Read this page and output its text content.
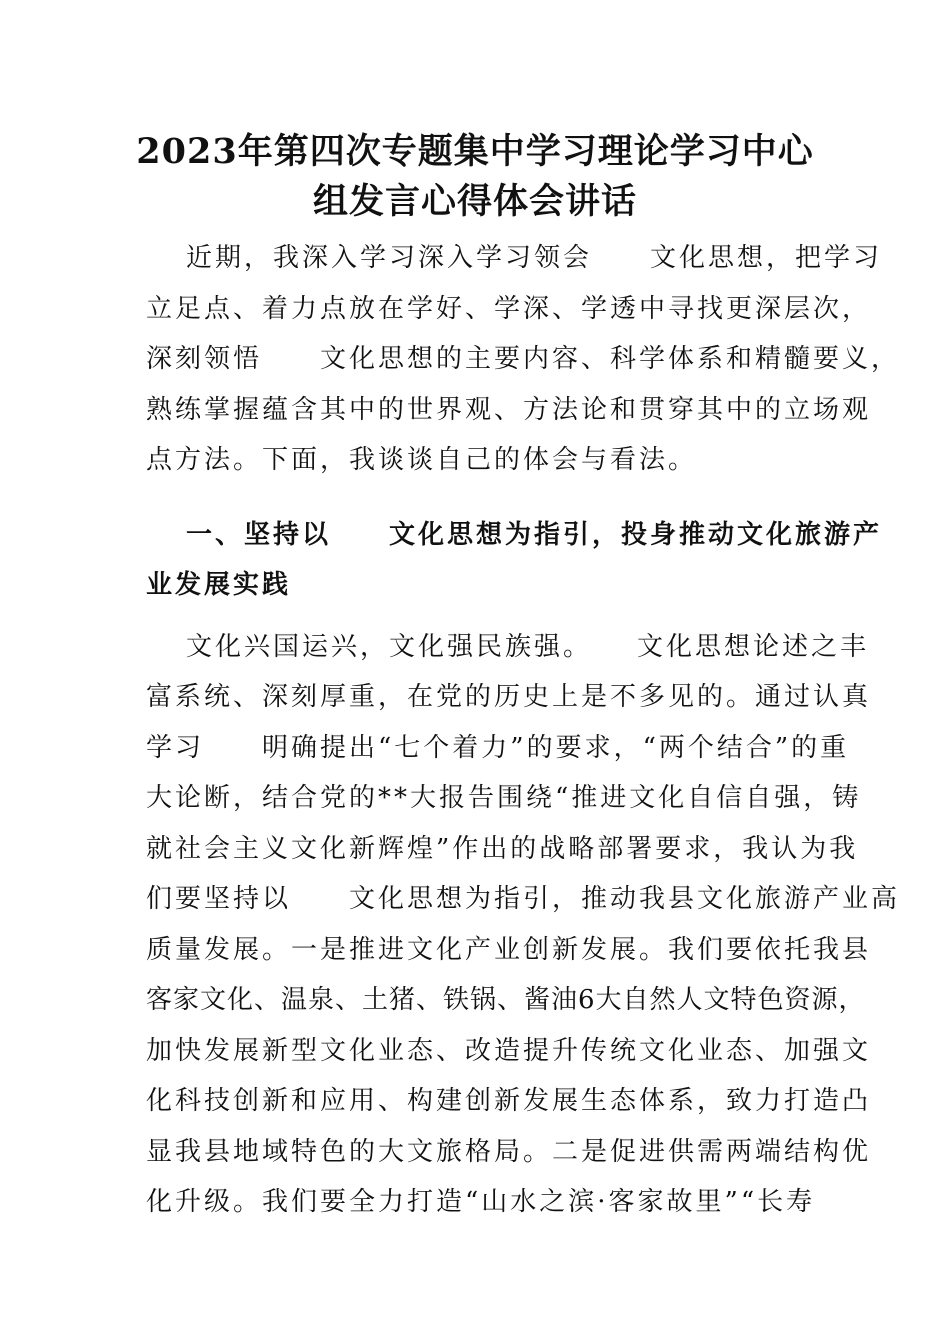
2023年第四次专题集中学习理论学习中心
组发言心得体会讲话
近期，我深入学习深入学习领会　　文化思想，把学习
立足点、着力点放在学好、学深、学透中寻找更深层次，
深刻领悟　　文化思想的主要内容、科学体系和精髓要义，
熟练掌握蕴含其中的世界观、方法论和贯穿其中的立场观
点方法。下面，我谈谈自己的体会与看法。
一、坚持以　　文化思想为指引，投身推动文化旅游产
业发展实践
文化兴国运兴，文化强民族强。　　文化思想论述之丰
富系统、深刻厚重，在党的历史上是不多见的。通过认真
学习　　明确提出“七个着力”的要求，“两个结合”的重
大论断，结合党的**大报告围绕“推进文化自信自强，铸
就社会主义文化新辉煌”作出的战略部署要求，我认为我
们要坚持以　　文化思想为指引，推动我县文化旅游产业高
质量发展。一是推进文化产业创新发展。我们要依托我县
客家文化、温泉、土猪、铁锅、酱油6大自然人文特色资源，
加快发展新型文化业态、改造提升传统文化业态、加强文
化科技创新和应用、构建创新发展生态体系，致力打造凸
显我县地域特色的大文旅格局。二是促进供需两端结构优
化升级。我们要全力打造“山水之滨·客家故里”“长寿
